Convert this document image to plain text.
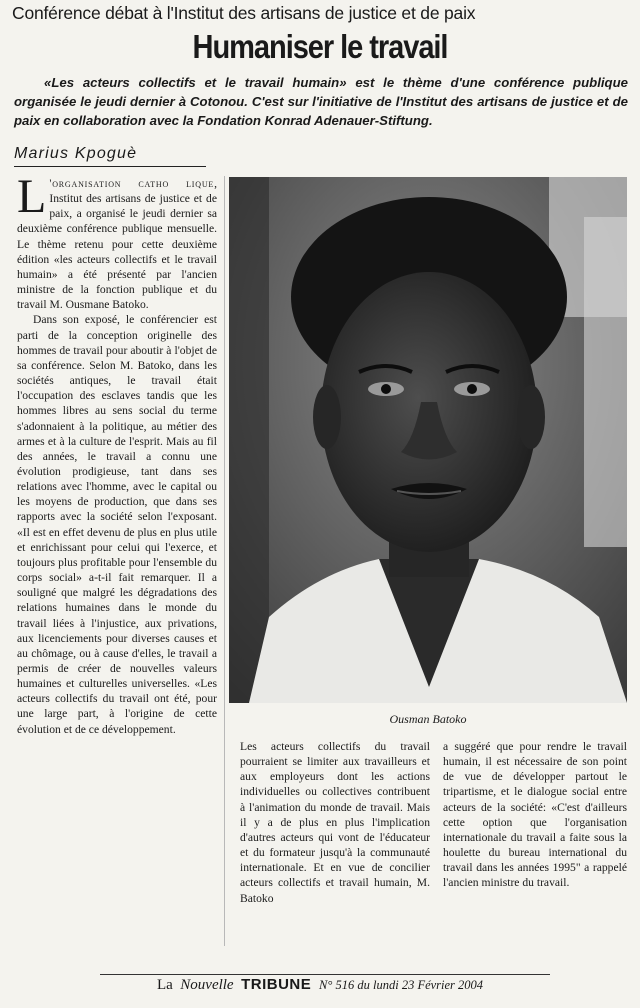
Conférence débat à l'Institut des artisans de justice et de paix
Humaniser le travail
«Les acteurs collectifs et le travail humain» est le thème d'une conférence publique organisée le jeudi dernier à Cotonou. C'est sur l'initiative de l'Institut des artisans de justice et de paix en collaboration avec la Fondation Konrad Adenauer-Stiftung.
Marius Kpoguè

L 'organisation catho lique, Institut des artisans de justice et de paix, a organisé le jeudi dernier sa deuxième conférence publique mensuelle. Le thème retenu pour cette deuxième édition «les acteurs collectifs et le travail humain» a été présenté par l'ancien ministre de la fonction publique et du travail M. Ousmane Batoko.

Dans son exposé, le conférencier est parti de la conception originelle des hommes de travail pour aboutir à l'objet de sa conférence. Selon M. Batoko, dans les sociétés antiques, le travail était l'occupation des esclaves tandis que les hommes libres au sens social du terme s'adonnaient à la politique, au métier des armes et à la culture de l'esprit. Mais au fil des années, le travail a connu une évolution prodigieuse, tant dans ses relations avec l'homme, avec le capital ou les moyens de production, que dans ses rapports avec la société selon l'exposant. «Il est en effet devenu de plus en plus utile et enrichissant pour celui qui l'exerce, et toujours plus profitable pour l'ensemble du corps social» a-t-il fait remarquer. Il a souligné que malgré les dégradations des relations humaines dans le monde du travail liées à l'injustice, aux privations, aux licenciements pour diverses causes et au chômage, ou à cause d'elles, le travail a permis de créer de nouvelles valeurs humaines et culturelles universelles. «Les acteurs collectifs du travail ont été, pour une large part, à l'origine de cette évolution et de ce développement.

Ousman Batoko

Les acteurs collectifs du travail pourraient se limiter aux travailleurs et aux employeurs dont les actions individuelles ou collectives contribuent à l'animation du monde de travail. Mais il y a de plus en plus l'implication d'autres acteurs qui vont de l'éducateur et du formateur jusqu'à la communauté internationale. Et en vue de concilier acteurs collectifs et travail humain, M. Batoko

a suggéré que pour rendre le travail humain, il est nécessaire de son point de vue de développer partout le tripartisme, et le dialogue social entre acteurs de la société: «C'est d'ailleurs cette option que l'organisation internationale du travail a faite sous la houlette du bureau international du travail dans les années 1995" a rappelé l'ancien ministre du travail.

La Nouvelle TRIBUNE N° 516 du lundi 23 Février 2004
